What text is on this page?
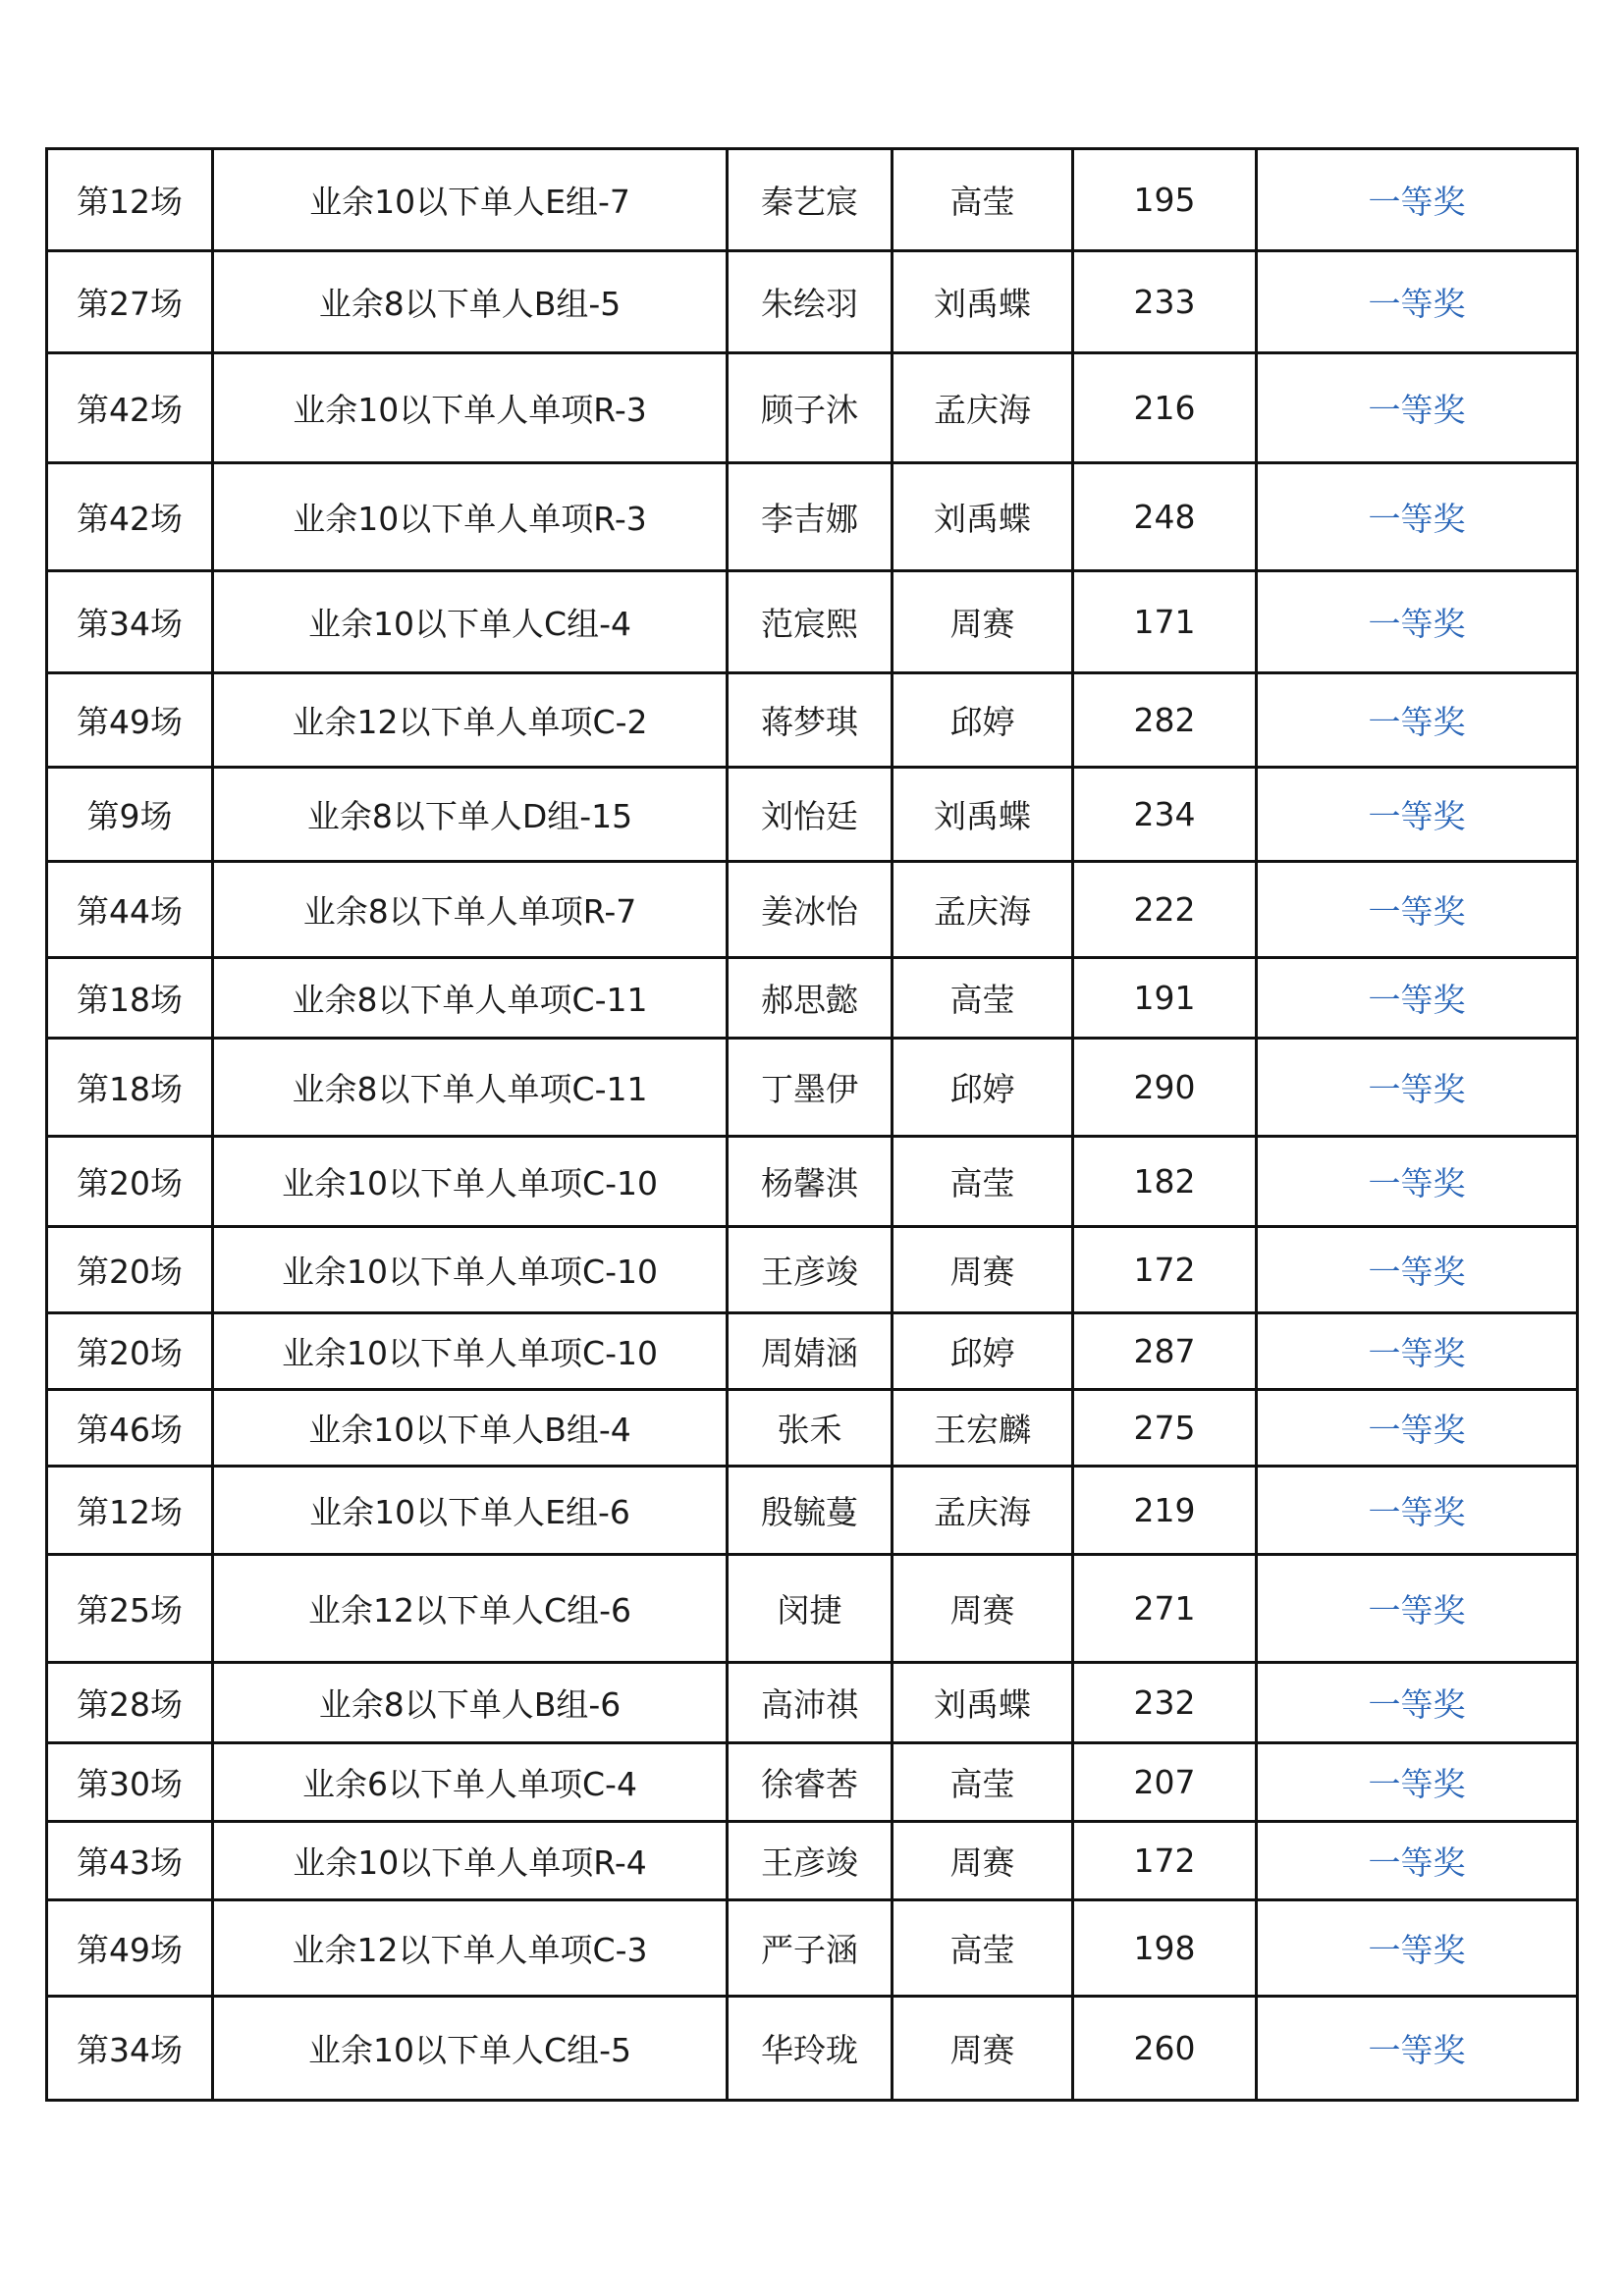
第12场	业余10以下单人E组-7	秦艺宸	高莹	195	一等奖
第27场	业余8以下单人B组-5	朱绘羽	刘禹蝶	233	一等奖
第42场	业余10以下单人单项R-3	顾子沐	孟庆海	216	一等奖
第42场	业余10以下单人单项R-3	李吉娜	刘禹蝶	248	一等奖
第34场	业余10以下单人C组-4	范宸熙	周赛	171	一等奖
第49场	业余12以下单人单项C-2	蒋梦琪	邱婷	282	一等奖
第9场	业余8以下单人D组-15	刘怡廷	刘禹蝶	234	一等奖
第44场	业余8以下单人单项R-7	姜冰怡	孟庆海	222	一等奖
第18场	业余8以下单人单项C-11	郝思懿	高莹	191	一等奖
第18场	业余8以下单人单项C-11	丁墨伊	邱婷	290	一等奖
第20场	业余10以下单人单项C-10	杨馨淇	高莹	182	一等奖
第20场	业余10以下单人单项C-10	王彦竣	周赛	172	一等奖
第20场	业余10以下单人单项C-10	周婧涵	邱婷	287	一等奖
第46场	业余10以下单人B组-4	张禾	王宏麟	275	一等奖
第12场	业余10以下单人E组-6	殷毓蔓	孟庆海	219	一等奖
第25场	业余12以下单人C组-6	闵捷	周赛	271	一等奖
第28场	业余8以下单人B组-6	高沛祺	刘禹蝶	232	一等奖
第30场	业余6以下单人单项C-4	徐睿莕	高莹	207	一等奖
第43场	业余10以下单人单项R-4	王彦竣	周赛	172	一等奖
第49场	业余12以下单人单项C-3	严子涵	高莹	198	一等奖
第34场	业余10以下单人C组-5	华玲珑	周赛	260	一等奖
